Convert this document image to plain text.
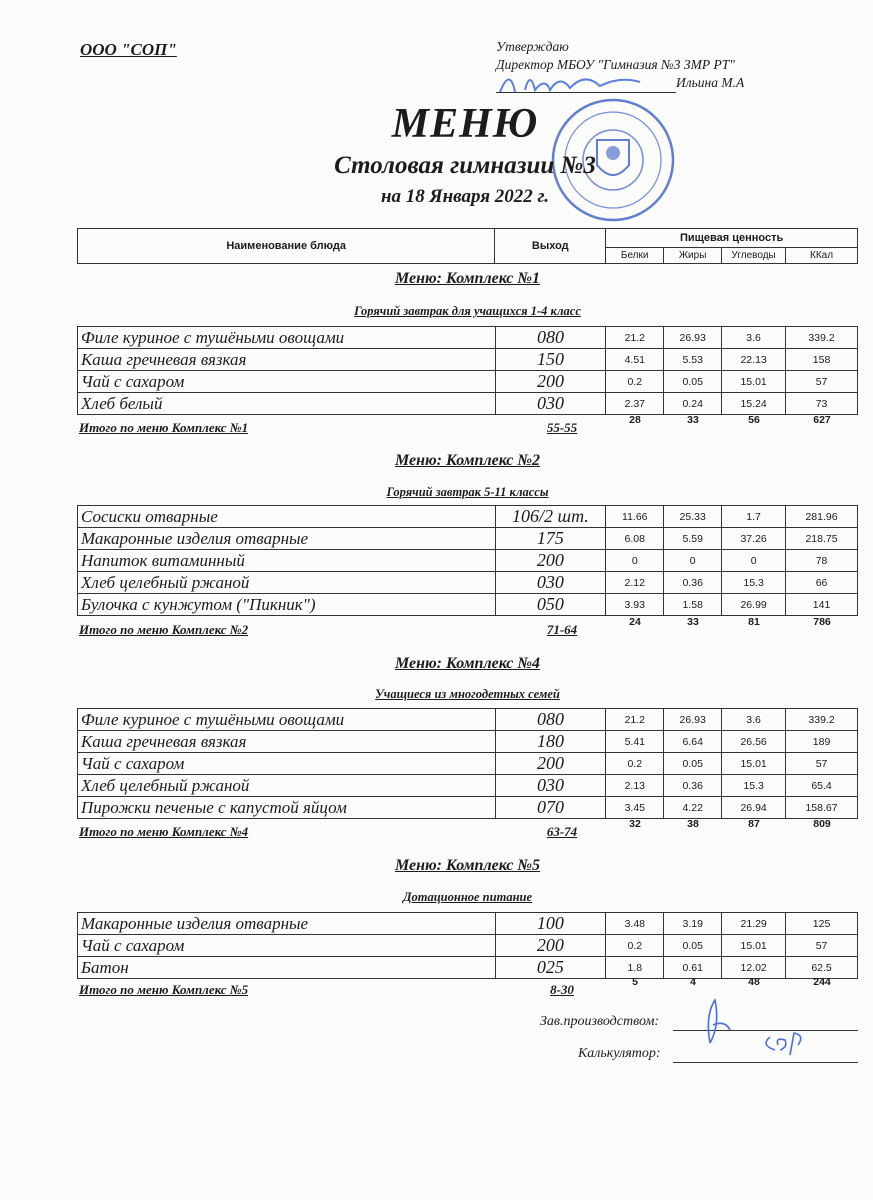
ООО "СОП"	Утверждаю
Директор МБОУ "Гимназия №3 ЗМР РТ"
Ильина М.А
МЕНЮ
Столовая гимназии №3
на 18 Января 2022 г.
Наименование блюда	Выход	Пищевая ценность			
		Белки	Жиры	Углеводы	ККал
Меню: Комплекс №1
Горячий завтрак для учащихся 1-4 класс
Филе куриное с тушёными овощами	080	21.2	26.93	3.6	339.2
Каша гречневая вязкая	150	4.51	5.53	22.13	158
Чай с сахаром	200	0.2	0.05	15.01	57
Хлеб белый	030	2.37	0.24	15.24	73
Итого по меню Комплекс №1	55-55	28	33	56	627
Меню: Комплекс №2
Горячий завтрак 5-11 классы
Сосиски отварные	106/2 шт.	11.66	25.33	1.7	281.96
Макаронные изделия отварные	175	6.08	5.59	37.26	218.75
Напиток витаминный	200	0	0	0	78
Хлеб целебный ржаной	030	2.12	0.36	15.3	66
Булочка с кунжутом ("Пикник")	050	3.93	1.58	26.99	141
Итого по меню Комплекс №2	71-64	24	33	81	786
Меню: Комплекс №4
Учащиеся из многодетных семей
Филе куриное с тушёными овощами	080	21.2	26.93	3.6	339.2
Каша гречневая вязкая	180	5.41	6.64	26.56	189
Чай с сахаром	200	0.2	0.05	15.01	57
Хлеб целебный ржаной	030	2.13	0.36	15.3	65.4
Пирожки печеные с капустой яйцом	070	3.45	4.22	26.94	158.67
Итого по меню Комплекс №4	63-74	32	38	87	809
Меню: Комплекс №5
Дотационное питание
Макаронные изделия отварные	100	3.48	3.19	21.29	125
Чай с сахаром	200	0.2	0.05	15.01	57
Батон	025	1.8	0.61	12.02	62.5
Итого по меню Комплекс №5	8-30	5	4	48	244
Зав.производством:
Калькулятор:
